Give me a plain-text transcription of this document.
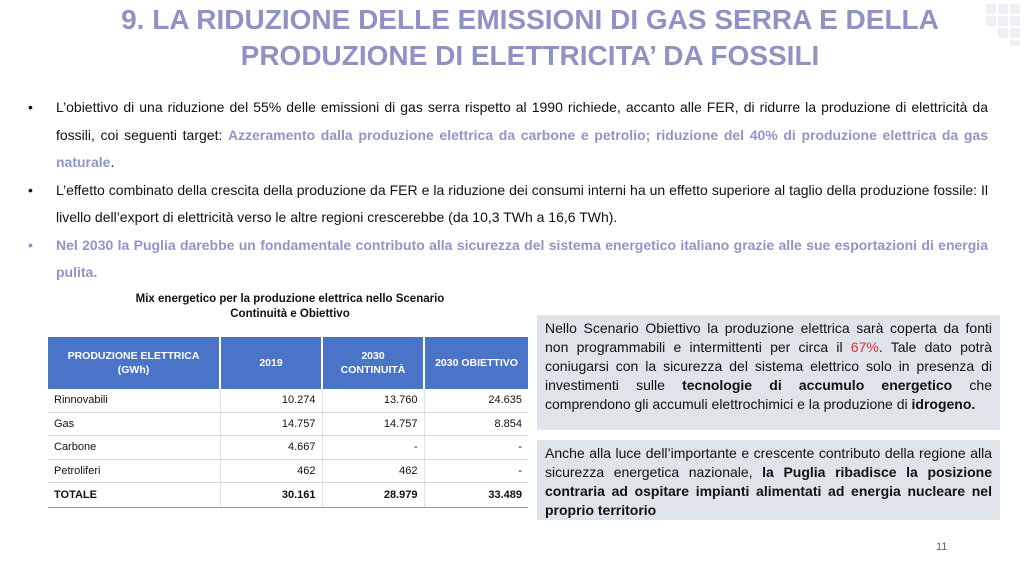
9. LA RIDUZIONE DELLE EMISSIONI DI GAS SERRA E DELLA
PRODUZIONE DI ELETTRICITA’ DA FOSSILI
• L’obiettivo di una riduzione del 55% delle emissioni di gas serra rispetto al 1990 richiede, accanto alle FER, di ridurre la produzione di elettricità da fossili, coi seguenti target: Azzeramento dalla produzione elettrica da carbone e petrolio; riduzione del 40% di produzione elettrica da gas naturale.
• L’effetto combinato della crescita della produzione da FER e la riduzione dei consumi interni ha un effetto superiore al taglio della produzione fossile: Il livello dell’export di elettricità verso le altre regioni crescerebbe (da 10,3 TWh a 16,6 TWh).
• Nel 2030 la Puglia darebbe un fondamentale contributo alla sicurezza del sistema energetico italiano grazie alle sue esportazioni di energia pulita.
Mix energetico per la produzione elettrica nello Scenario
Continuità e Obiettivo
PRODUZIONE ELETTRICA (GWh)	2019	2030 CONTINUITÀ	2030 OBIETTIVO
Rinnovabili	10.274	13.760	24.635
Gas	14.757	14.757	8.854
Carbone	4.667	-	-
Petroliferi	462	462	-
TOTALE	30.161	28.979	33.489
Nello Scenario Obiettivo la produzione elettrica sarà coperta da fonti non programmabili e intermittenti per circa il 67%. Tale dato potrà coniugarsi con la sicurezza del sistema elettrico solo in presenza di investimenti sulle tecnologie di accumulo energetico che comprendono gli accumuli elettrochimici e la produzione di idrogeno.
Anche alla luce dell’importante e crescente contributo della regione alla sicurezza energetica nazionale, la Puglia ribadisce la posizione contraria ad ospitare impianti alimentati ad energia nucleare nel proprio territorio
11
